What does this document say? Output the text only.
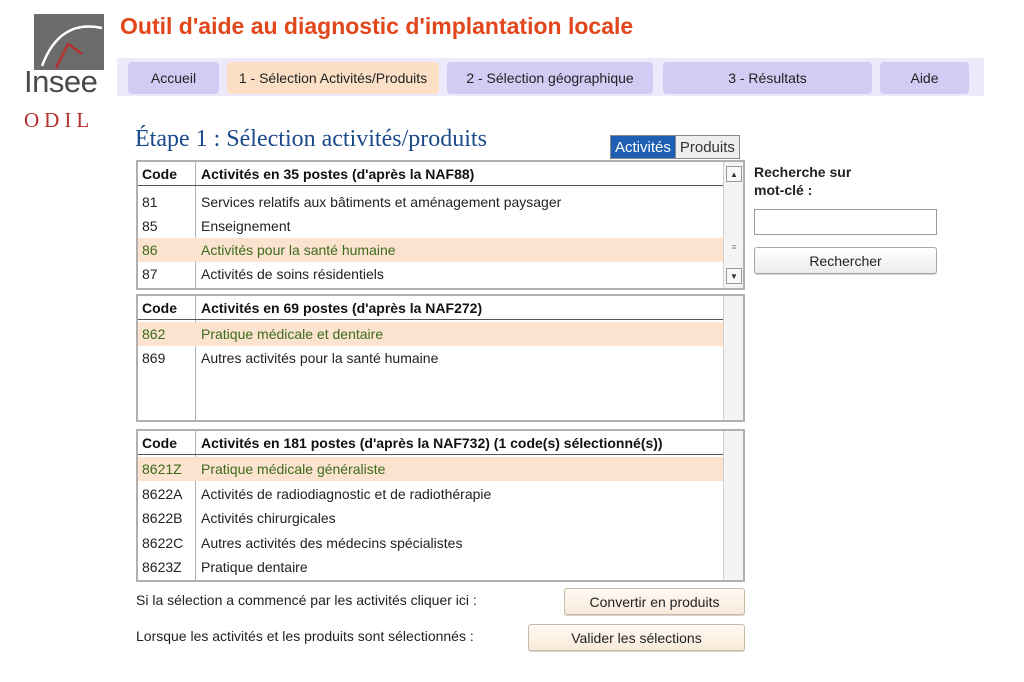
Insee
ODIL
Outil d'aide au diagnostic d'implantation locale
Accueil	1 - Sélection Activités/Produits	2 - Sélection géographique	3 - Résultats	Aide
Étape 1 : Sélection activités/produits	Activités Produits
Code	Activités en 35 postes (d'après la NAF88)
81	Services relatifs aux bâtiments et aménagement paysager
85	Enseignement
86	Activités pour la santé humaine
87	Activités de soins résidentiels
▲
≡
▼
Code	Activités en 69 postes (d'après la NAF272)
862	Pratique médicale et dentaire
869	Autres activités pour la santé humaine
Code	Activités en 181 postes (d'après la NAF732) (1 code(s) sélectionné(s))
8621Z	Pratique médicale généraliste
8622A	Activités de radiodiagnostic et de radiothérapie
8622B	Activités chirurgicales
8622C	Autres activités des médecins spécialistes
8623Z	Pratique dentaire
Recherche sur mot-clé :
Rechercher
Si la sélection a commencé par les activités cliquer ici :	Convertir en produits
Lorsque les activités et les produits sont sélectionnés :	Valider les sélections
